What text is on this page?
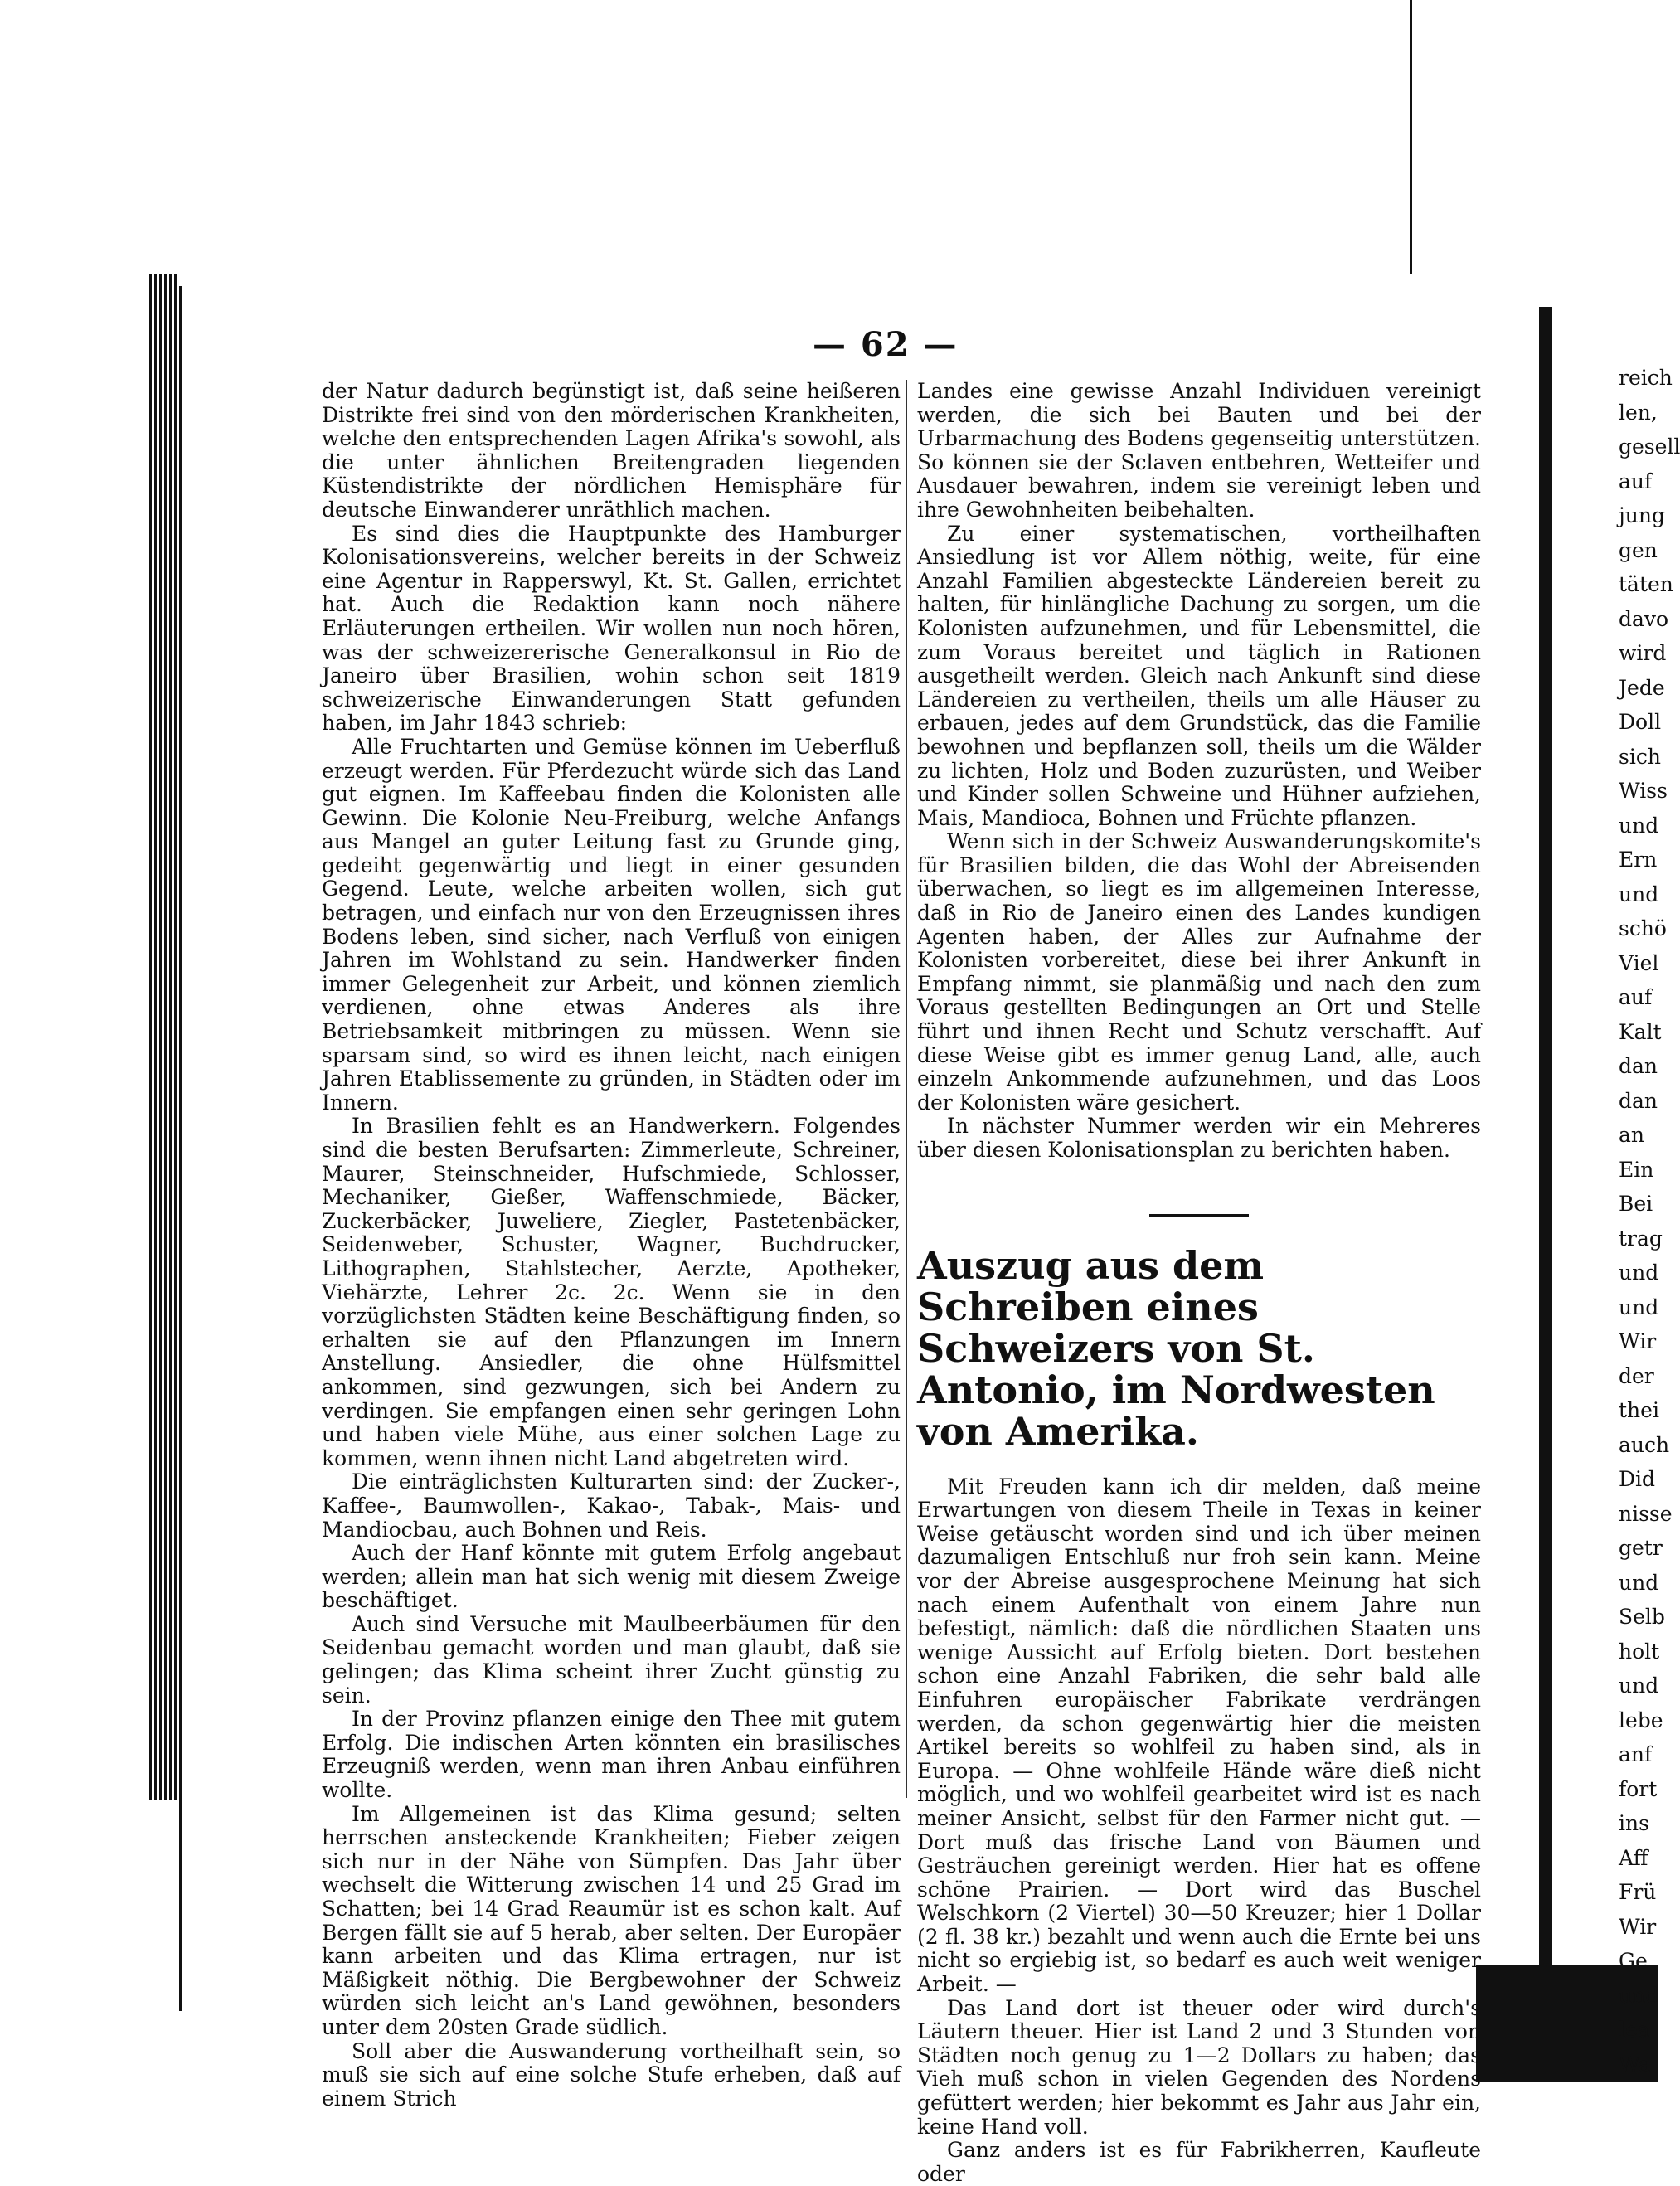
— 62 —

der Natur dadurch begünstigt ist, daß seine heißeren Distrikte frei sind von den mörderischen Krankheiten, welche den entsprechenden Lagen Afrika's sowohl, als die unter ähnlichen Breitengraden liegenden Küstendistrikte der nördlichen Hemisphäre für deutsche Einwanderer unräthlich machen.

Es sind dies die Hauptpunkte des Hamburger Kolonisationsvereins, welcher bereits in der Schweiz eine Agentur in Rapperswyl, Kt. St. Gallen, errichtet hat. Auch die Redaktion kann noch nähere Erläuterungen ertheilen. Wir wollen nun noch hören, was der schweizererische Generalkonsul in Rio de Janeiro über Brasilien, wohin schon seit 1819 schweizerische Einwanderungen Statt gefunden haben, im Jahr 1843 schrieb:

Alle Fruchtarten und Gemüse können im Ueberfluß erzeugt werden. Für Pferdezucht würde sich das Land gut eignen. Im Kaffeebau finden die Kolonisten alle Gewinn. Die Kolonie Neu-Freiburg, welche Anfangs aus Mangel an guter Leitung fast zu Grunde ging, gedeiht gegenwärtig und liegt in einer gesunden Gegend. Leute, welche arbeiten wollen, sich gut betragen, und einfach nur von den Erzeugnissen ihres Bodens leben, sind sicher, nach Verfluß von einigen Jahren im Wohlstand zu sein. Handwerker finden immer Gelegenheit zur Arbeit, und können ziemlich verdienen, ohne etwas Anderes als ihre Betriebsamkeit mitbringen zu müssen. Wenn sie sparsam sind, so wird es ihnen leicht, nach einigen Jahren Etablissemente zu gründen, in Städten oder im Innern.

In Brasilien fehlt es an Handwerkern. Folgendes sind die besten Berufsarten: Zimmerleute, Schreiner, Maurer, Steinschneider, Hufschmiede, Schlosser, Mechaniker, Gießer, Waffenschmiede, Bäcker, Zuckerbäcker, Juweliere, Ziegler, Pastetenbäcker, Seidenweber, Schuster, Wagner, Buchdrucker, Lithographen, Stahlstecher, Aerzte, Apotheker, Viehärzte, Lehrer 2c. 2c. Wenn sie in den vorzüglichsten Städten keine Beschäftigung finden, so erhalten sie auf den Pflanzungen im Innern Anstellung. Ansiedler, die ohne Hülfsmittel ankommen, sind gezwungen, sich bei Andern zu verdingen. Sie empfangen einen sehr geringen Lohn und haben viele Mühe, aus einer solchen Lage zu kommen, wenn ihnen nicht Land abgetreten wird.

Die einträglichsten Kulturarten sind: der Zucker-, Kaffee-, Baumwollen-, Kakao-, Tabak-, Mais- und Mandiocbau, auch Bohnen und Reis.

Auch der Hanf könnte mit gutem Erfolg angebaut werden; allein man hat sich wenig mit diesem Zweige beschäftiget.

Auch sind Versuche mit Maulbeerbäumen für den Seidenbau gemacht worden und man glaubt, daß sie gelingen; das Klima scheint ihrer Zucht günstig zu sein.

In der Provinz pflanzen einige den Thee mit gutem Erfolg. Die indischen Arten könnten ein brasilisches Erzeugniß werden, wenn man ihren Anbau einführen wollte.

Im Allgemeinen ist das Klima gesund; selten herrschen ansteckende Krankheiten; Fieber zeigen sich nur in der Nähe von Sümpfen. Das Jahr über wechselt die Witterung zwischen 14 und 25 Grad im Schatten; bei 14 Grad Reaumür ist es schon kalt. Auf Bergen fällt sie auf 5 herab, aber selten. Der Europäer kann arbeiten und das Klima ertragen, nur ist Mäßigkeit nöthig. Die Bergbewohner der Schweiz würden sich leicht an's Land gewöhnen, besonders unter dem 20sten Grade südlich.

Soll aber die Auswanderung vortheilhaft sein, so muß sie sich auf eine solche Stufe erheben, daß auf einem Strich

Landes eine gewisse Anzahl Individuen vereinigt werden, die sich bei Bauten und bei der Urbarmachung des Bodens gegenseitig unterstützen. So können sie der Sclaven entbehren, Wetteifer und Ausdauer bewahren, indem sie vereinigt leben und ihre Gewohnheiten beibehalten.

Zu einer systematischen, vortheilhaften Ansiedlung ist vor Allem nöthig, weite, für eine Anzahl Familien abgesteckte Ländereien bereit zu halten, für hinlängliche Dachung zu sorgen, um die Kolonisten aufzunehmen, und für Lebensmittel, die zum Voraus bereitet und täglich in Rationen ausgetheilt werden. Gleich nach Ankunft sind diese Ländereien zu vertheilen, theils um alle Häuser zu erbauen, jedes auf dem Grundstück, das die Familie bewohnen und bepflanzen soll, theils um die Wälder zu lichten, Holz und Boden zuzurüsten, und Weiber und Kinder sollen Schweine und Hühner aufziehen, Mais, Mandioca, Bohnen und Früchte pflanzen.

Wenn sich in der Schweiz Auswanderungskomite's für Brasilien bilden, die das Wohl der Abreisenden überwachen, so liegt es im allgemeinen Interesse, daß in Rio de Janeiro einen des Landes kundigen Agenten haben, der Alles zur Aufnahme der Kolonisten vorbereitet, diese bei ihrer Ankunft in Empfang nimmt, sie planmäßig und nach den zum Voraus gestellten Bedingungen an Ort und Stelle führt und ihnen Recht und Schutz verschafft. Auf diese Weise gibt es immer genug Land, alle, auch einzeln Ankommende aufzunehmen, und das Loos der Kolonisten wäre gesichert.

In nächster Nummer werden wir ein Mehreres über diesen Kolonisationsplan zu berichten haben.

Auszug aus dem Schreiben eines Schweizers von St. Antonio, im Nordwesten von Amerika.

Mit Freuden kann ich dir melden, daß meine Erwartungen von diesem Theile in Texas in keiner Weise getäuscht worden sind und ich über meinen dazumaligen Entschluß nur froh sein kann. Meine vor der Abreise ausgesprochene Meinung hat sich nach einem Aufenthalt von einem Jahre nun befestigt, nämlich: daß die nördlichen Staaten uns wenige Aussicht auf Erfolg bieten. Dort bestehen schon eine Anzahl Fabriken, die sehr bald alle Einfuhren europäischer Fabrikate verdrängen werden, da schon gegenwärtig hier die meisten Artikel bereits so wohlfeil zu haben sind, als in Europa. — Ohne wohlfeile Hände wäre dieß nicht möglich, und wo wohlfeil gearbeitet wird ist es nach meiner Ansicht, selbst für den Farmer nicht gut. — Dort muß das frische Land von Bäumen und Gesträuchen gereinigt werden. Hier hat es offene schöne Prairien. — Dort wird das Buschel Welschkorn (2 Viertel) 30—50 Kreuzer; hier 1 Dollar (2 fl. 38 kr.) bezahlt und wenn auch die Ernte bei uns nicht so ergiebig ist, so bedarf es auch weit weniger Arbeit. —

Das Land dort ist theuer oder wird durch's Läutern theuer. Hier ist Land 2 und 3 Stunden von Städten noch genug zu 1—2 Dollars zu haben; das Vieh muß schon in vielen Gegenden des Nordens gefüttert werden; hier bekommt es Jahr aus Jahr ein, keine Hand voll.

Ganz anders ist es für Fabrikherren, Kaufleute oder

reich
len,
gesell
auf
jung
gen
täten
davo
wird
Jede
Doll
sich
Wiss
und
Ern
und
schö
Viel
auf
Kalt
dan
dan
an
Ein
Bei
trag
und
und
Wir
der
thei
auch
Did
nisse
getr
und
Selb
holt
und
lebe
anf
fort
ins
Aff
Frü
Wir
Ge
und
lea
Wa
